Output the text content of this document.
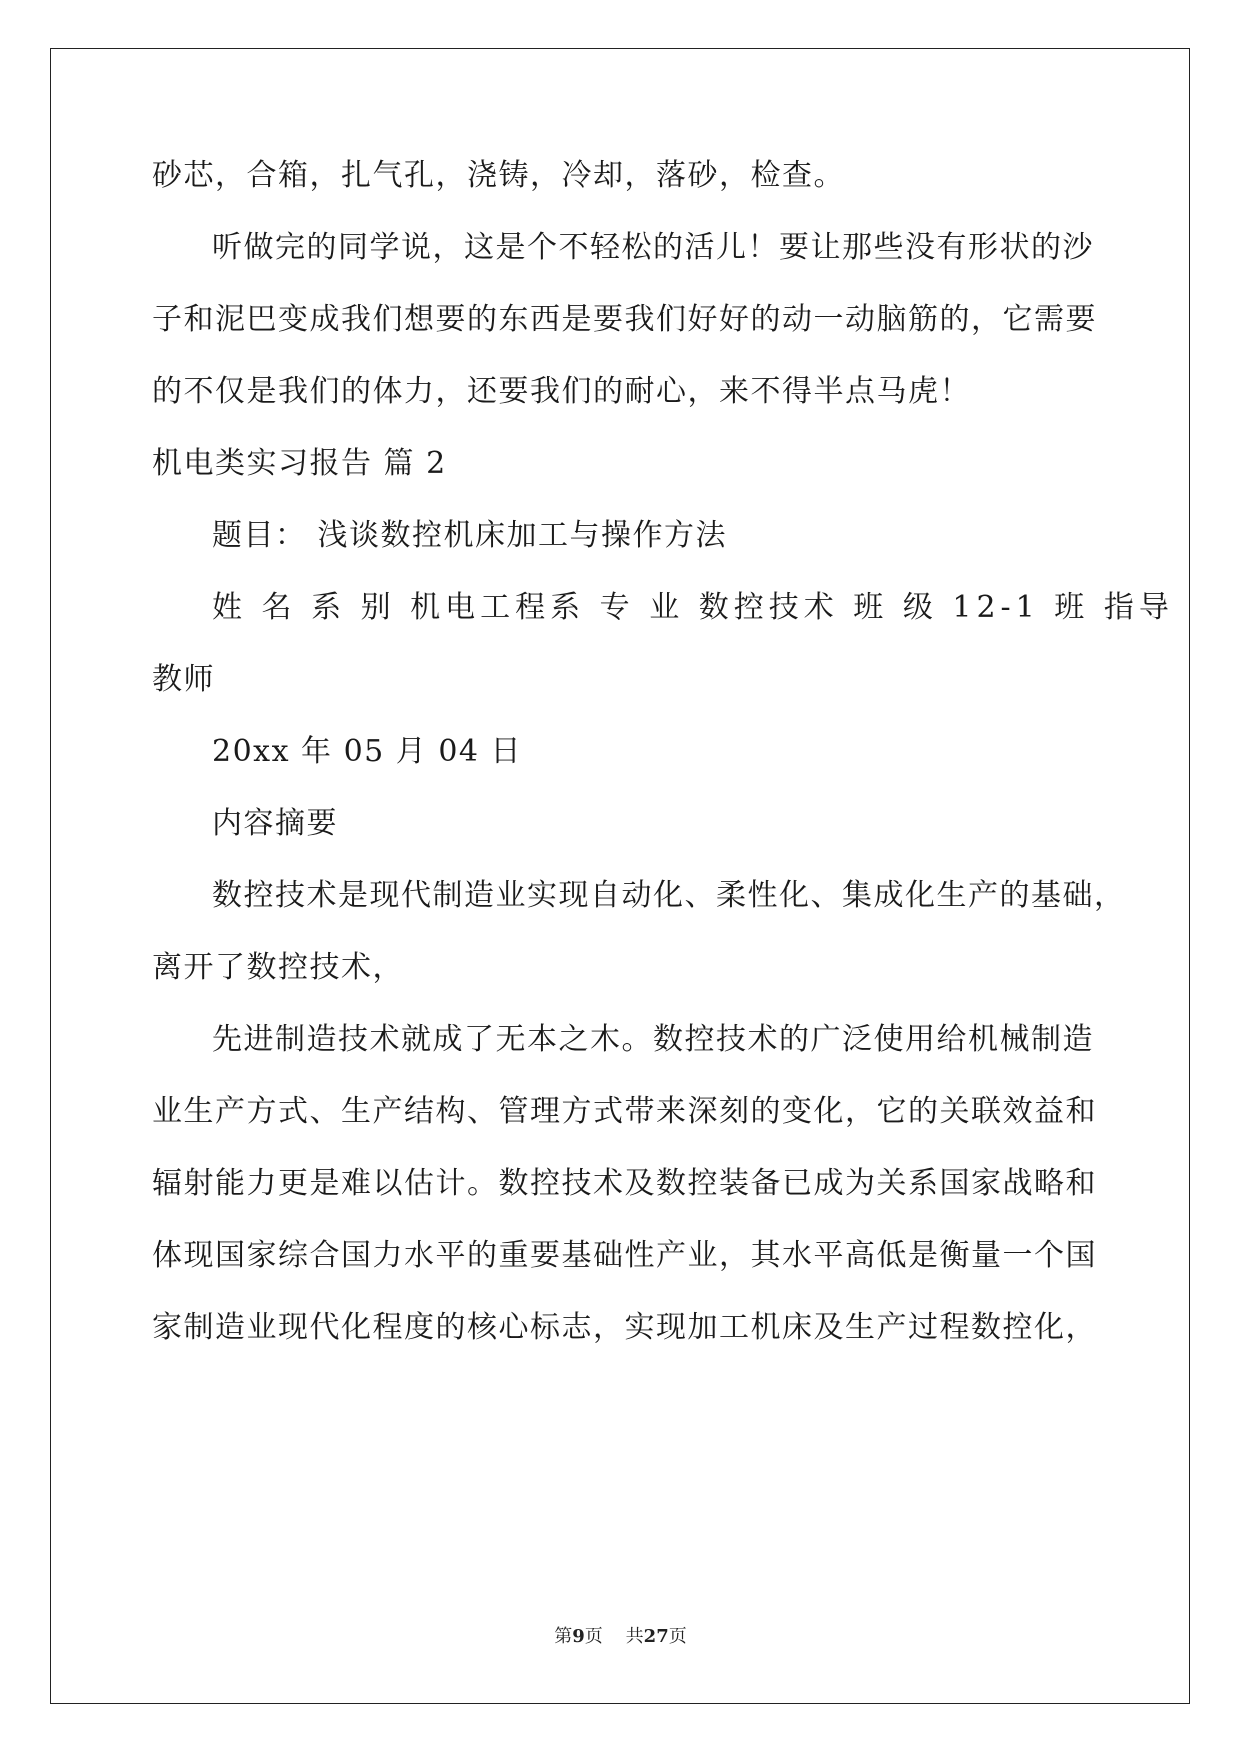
砂芯，合箱，扎气孔，浇铸，冷却，落砂，检查。
听做完的同学说，这是个不轻松的活儿！要让那些没有形状的沙
子和泥巴变成我们想要的东西是要我们好好的动一动脑筋的，它需要
的不仅是我们的体力，还要我们的耐心，来不得半点马虎！
机电类实习报告 篇 2
题目： 浅谈数控机床加工与操作方法
姓 名 系 别 机电工程系 专 业 数控技术 班 级 12-1 班 指导
教师
20xx 年 05 月 04 日
内容摘要
数控技术是现代制造业实现自动化、柔性化、集成化生产的基础，
离开了数控技术，
先进制造技术就成了无本之木。数控技术的广泛使用给机械制造
业生产方式、生产结构、管理方式带来深刻的变化，它的关联效益和
辐射能力更是难以估计。数控技术及数控装备已成为关系国家战略和
体现国家综合国力水平的重要基础性产业，其水平高低是衡量一个国
家制造业现代化程度的核心标志，实现加工机床及生产过程数控化，
第9页 共27页
